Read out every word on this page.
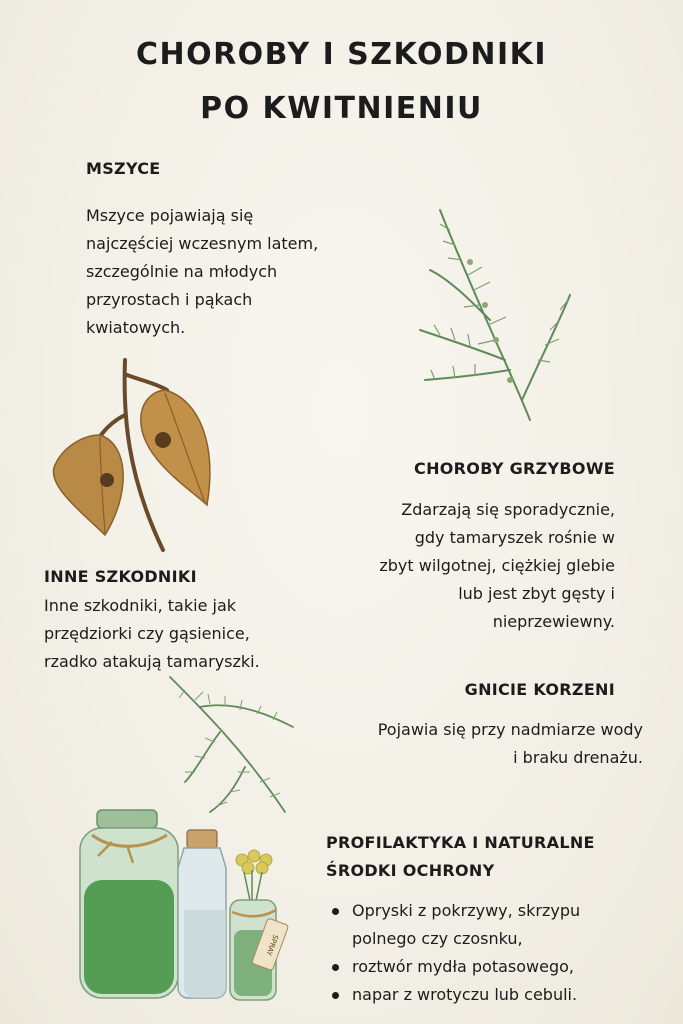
CHOROBY I SZKODNIKI
PO KWITNIENIU
MSZYCE
Mszyce pojawiają się
najczęściej wczesnym latem,
szczególnie na młodych
przyrostach i pąkach
kwiatowych.
CHOROBY GRZYBOWE
Zdarzają się sporadycznie,
gdy tamaryszek rośnie w
zbyt wilgotnej, ciężkiej glebie
lub jest zbyt gęsty i
nieprzewiewny.
INNE SZKODNIKI
Inne szkodniki, takie jak
przędziorki czy gąsienice,
rzadko atakują tamaryszki.
GNICIE KORZENI
Pojawia się przy nadmiarze wody
i braku drenażu.
PROFILAKTYKA I NATURALNE
ŚRODKI OCHRONY
Opryski z pokrzywy, skrzypu
polnego czy czosnku,
roztwór mydła potasowego,
napar z wrotyczu lub cebuli.
SPRAY
